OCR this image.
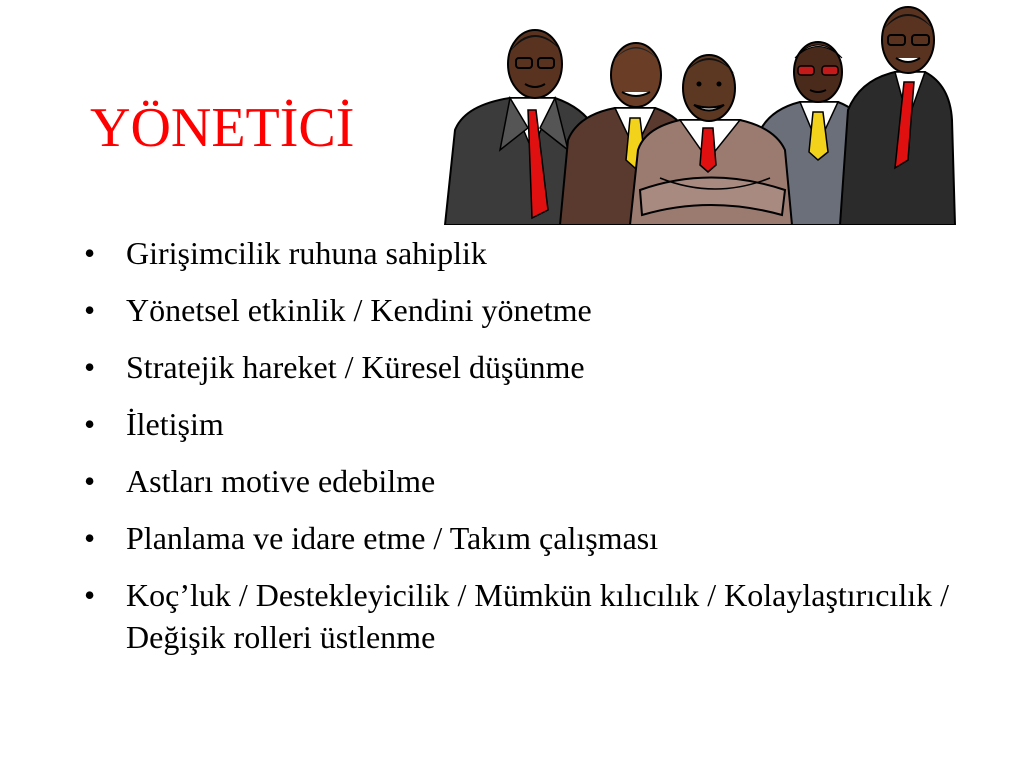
YÖNETİCİ
• Girişimcilik ruhuna sahiplik
• Yönetsel etkinlik / Kendini yönetme
• Stratejik hareket / Küresel düşünme
• İletişim
• Astları motive edebilme
• Planlama ve idare etme / Takım çalışması
• Koç’luk / Destekleyicilik / Mümkün kılıcılık / Kolaylaştırıcılık / Değişik rolleri üstlenme
